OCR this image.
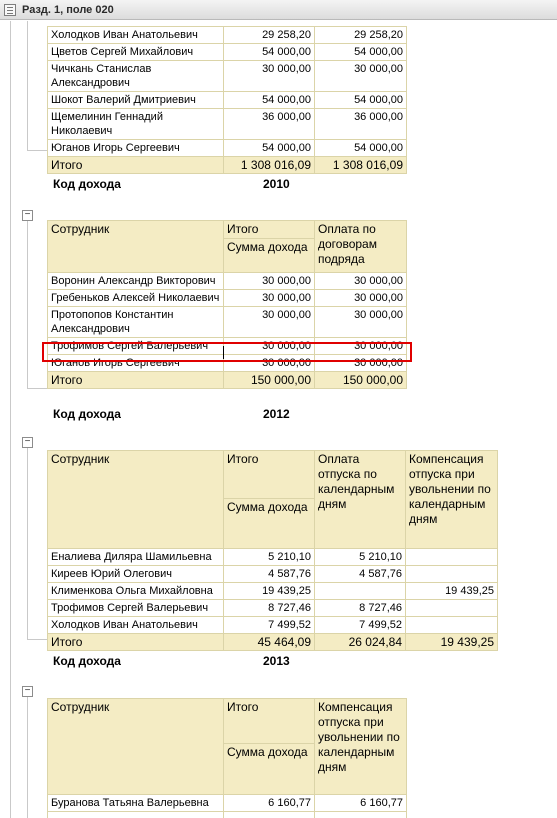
Разд. 1, поле 020
−
−
−
Холодков Иван Анатольевич	29 258,20	29 258,20
Цветов Сергей Михайлович	54 000,00	54 000,00
Чичкань Станислав Александрович	30 000,00	30 000,00
Шокот Валерий Дмитриевич	54 000,00	54 000,00
Щемелинин Геннадий Николаевич	36 000,00	36 000,00
Юганов Игорь Сергеевич	54 000,00	54 000,00
Итого	1 308 016,09	1 308 016,09
Код дохода	2010
Сотрудник	Итого	Оплата по договорам подряда
	Сумма дохода	
Воронин Александр Викторович	30 000,00	30 000,00
Гребеньков Алексей Николаевич	30 000,00	30 000,00
Протопопов Константин Александрович	30 000,00	30 000,00
Трофимов Сергей Валерьевич	30 000,00	30 000,00
Юганов Игорь Сергеевич	30 000,00	30 000,00
Итого	150 000,00	150 000,00
Код дохода	2012
Сотрудник	Итого	Оплата отпуска по календарным дням	Компенсация отпуска при увольнении по календарным дням
	Сумма дохода		
Еналиева Диляра Шамильевна	5 210,10	5 210,10	
Киреев Юрий Олегович	4 587,76	4 587,76	
Клименкова Ольга Михайловна	19 439,25		19 439,25
Трофимов Сергей Валерьевич	8 727,46	8 727,46	
Холодков Иван Анатольевич	7 499,52	7 499,52	
Итого	45 464,09	26 024,84	19 439,25
Код дохода	2013
Сотрудник	Итого	Компенсация отпуска при увольнении по календарным дням
	Сумма дохода	
Буранова Татьяна Валерьевна	6 160,77	6 160,77
